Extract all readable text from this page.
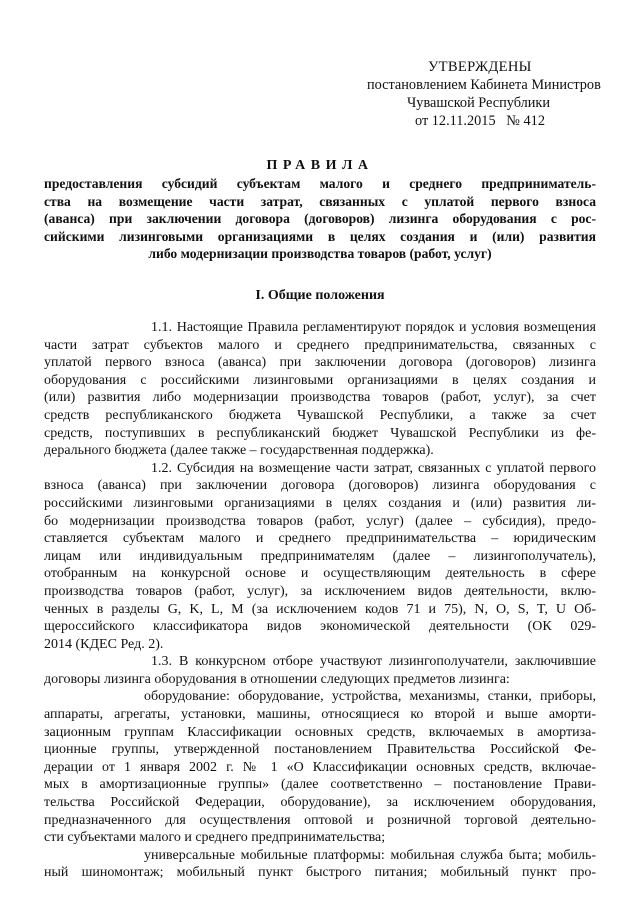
УТВЕРЖДЕНЫ
постановлением Кабинета Министров
Чувашской Республики
от 12.11.2015   № 412
ПРАВИЛА
предоставления субсидий субъектам малого и среднего предприниматель-
ства на возмещение части затрат, связанных с уплатой первого взноса
(аванса) при заключении договора (договоров) лизинга оборудования с рос-
сийскими лизинговыми организациями в целях создания и (или) развития
либо модернизации производства товаров (работ, услуг)
I. Общие положения
1.1. Настоящие Правила регламентируют порядок и условия возмещения
части затрат субъектов малого и среднего предпринимательства, связанных с
уплатой первого взноса (аванса) при заключении договора (договоров) лизинга
оборудования с российскими лизинговыми организациями в целях создания и
(или) развития либо модернизации производства товаров (работ, услуг), за счет
средств республиканского бюджета Чувашской Республики, а также за счет
средств, поступивших в республиканский бюджет Чувашской Республики из фе-
дерального бюджета (далее также – государственная поддержка).
1.2. Субсидия на возмещение части затрат, связанных с уплатой первого
взноса (аванса) при заключении договора (договоров) лизинга оборудования с
российскими лизинговыми организациями в целях создания и (или) развития ли-
бо модернизации производства товаров (работ, услуг) (далее – субсидия), предо-
ставляется субъектам малого и среднего предпринимательства – юридическим
лицам или индивидуальным предпринимателям (далее – лизингополучатель),
отобранным на конкурсной основе и осуществляющим деятельность в сфере
производства товаров (работ, услуг), за исключением видов деятельности, вклю-
ченных в разделы G, K, L, M (за исключением кодов 71 и 75), N, O, S, T, U Об-
щероссийского классификатора видов экономической деятельности (ОК 029-
2014 (КДЕС Ред. 2).
1.3. В конкурсном отборе участвуют лизингополучатели, заключившие
договоры лизинга оборудования в отношении следующих предметов лизинга:
оборудование: оборудование, устройства, механизмы, станки, приборы,
аппараты, агрегаты, установки, машины, относящиеся ко второй и выше аморти-
зационным группам Классификации основных средств, включаемых в амортиза-
ционные группы, утвержденной постановлением Правительства Российской Фе-
дерации от 1 января 2002 г. № 1 «О Классификации основных средств, включае-
мых в амортизационные группы» (далее соответственно – постановление Прави-
тельства Российской Федерации, оборудование), за исключением оборудования,
предназначенного для осуществления оптовой и розничной торговой деятельно-
сти субъектами малого и среднего предпринимательства;
универсальные мобильные платформы: мобильная служба быта; мобиль-
ный шиномонтаж; мобильный пункт быстрого питания; мобильный пункт про-
